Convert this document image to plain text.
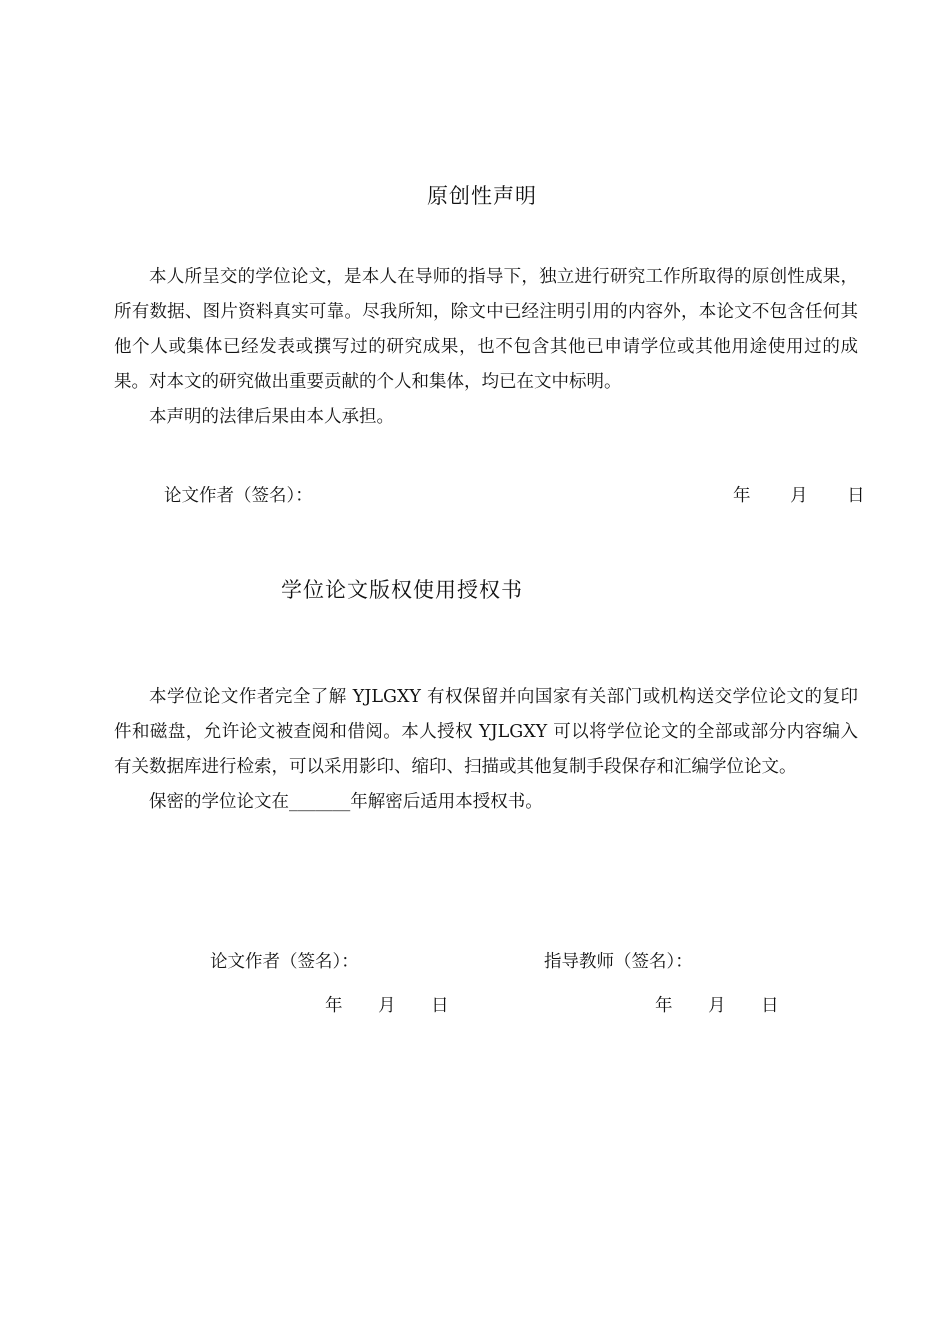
原创性声明

本人所呈交的学位论文，是本人在导师的指导下，独立进行研究工作所取得的原创性成果，所有数据、图片资料真实可靠。尽我所知，除文中已经注明引用的内容外，本论文不包含任何其他个人或集体已经发表或撰写过的研究成果，也不包含其他已申请学位或其他用途使用过的成果。对本文的研究做出重要贡献的个人和集体，均已在文中标明。

本声明的法律后果由本人承担。

论文作者（签名）：	年 月 日
学位论文版权使用授权书

本学位论文作者完全了解 YJLGXY 有权保留并向国家有关部门或机构送交学位论文的复印件和磁盘，允许论文被查阅和借阅。本人授权 YJLGXY 可以将学位论文的全部或部分内容编入有关数据库进行检索，可以采用影印、缩印、扫描或其他复制手段保存和汇编学位论文。

保密的学位论文在_______年解密后适用本授权书。

论文作者（签名）：	指导教师（签名）：
年 月 日	年 月 日
